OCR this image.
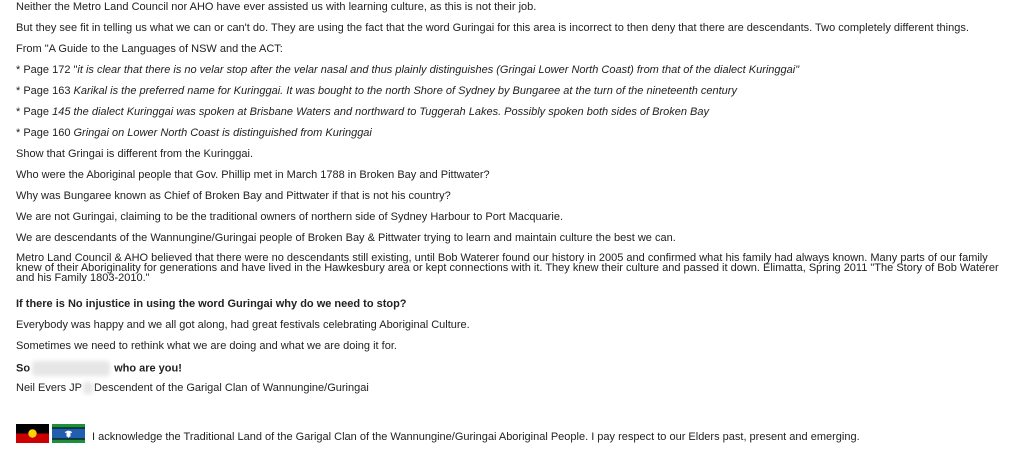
Neither the Metro Land Council nor AHO have ever assisted us with learning culture, as this is not their job.
But they see fit in telling us what we can or can't do. They are using the fact that the word Guringai for this area is incorrect to then deny that there are descendants. Two completely different things.
From "A Guide to the Languages of NSW and the ACT:
* Page 172 "it is clear that there is no velar stop after the velar nasal and thus plainly distinguishes (Gringai Lower North Coast) from that of the dialect Kuringgai"
* Page 163 Karikal is the preferred name for Kuringgai. It was bought to the north Shore of Sydney by Bungaree at the turn of the nineteenth century
* Page 145 the dialect Kuringgai was spoken at Brisbane Waters and northward to Tuggerah Lakes. Possibly spoken both sides of Broken Bay
* Page 160 Gringai on Lower North Coast is distinguished from Kuringgai
Show that Gringai is different from the Kuringgai.
Who were the Aboriginal people that Gov. Phillip met in March 1788 in Broken Bay and Pittwater?
Why was Bungaree known as Chief of Broken Bay and Pittwater if that is not his country?
We are not Guringai, claiming to be the traditional owners of northern side of Sydney Harbour to Port Macquarie.
We are descendants of the Wannungine/Guringai people of Broken Bay & Pittwater trying to learn and maintain culture the best we can.
Metro Land Council & AHO believed that there were no descendants still existing, until Bob Waterer found our history in 2005 and confirmed what his family had always known. Many parts of our family knew of their Aboriginality for generations and have lived in the Hawkesbury area or kept connections with it. They knew their culture and passed it down. Elimatta, Spring 2011 "The Story of Bob Waterer and his Family 1803-2010."
If there is No injustice in using the word Guringai why do we need to stop?
Everybody was happy and we all got along, had great festivals celebrating Aboriginal Culture.
Sometimes we need to rethink what we are doing and what we are doing it for.
So	who are you!
Neil Evers JP Descendent of the Garigal Clan of Wannungine/Guringai
I acknowledge the Traditional Land of the Garigal Clan of the Wannungine/Guringai Aboriginal People. I pay respect to our Elders past, present and emerging.
